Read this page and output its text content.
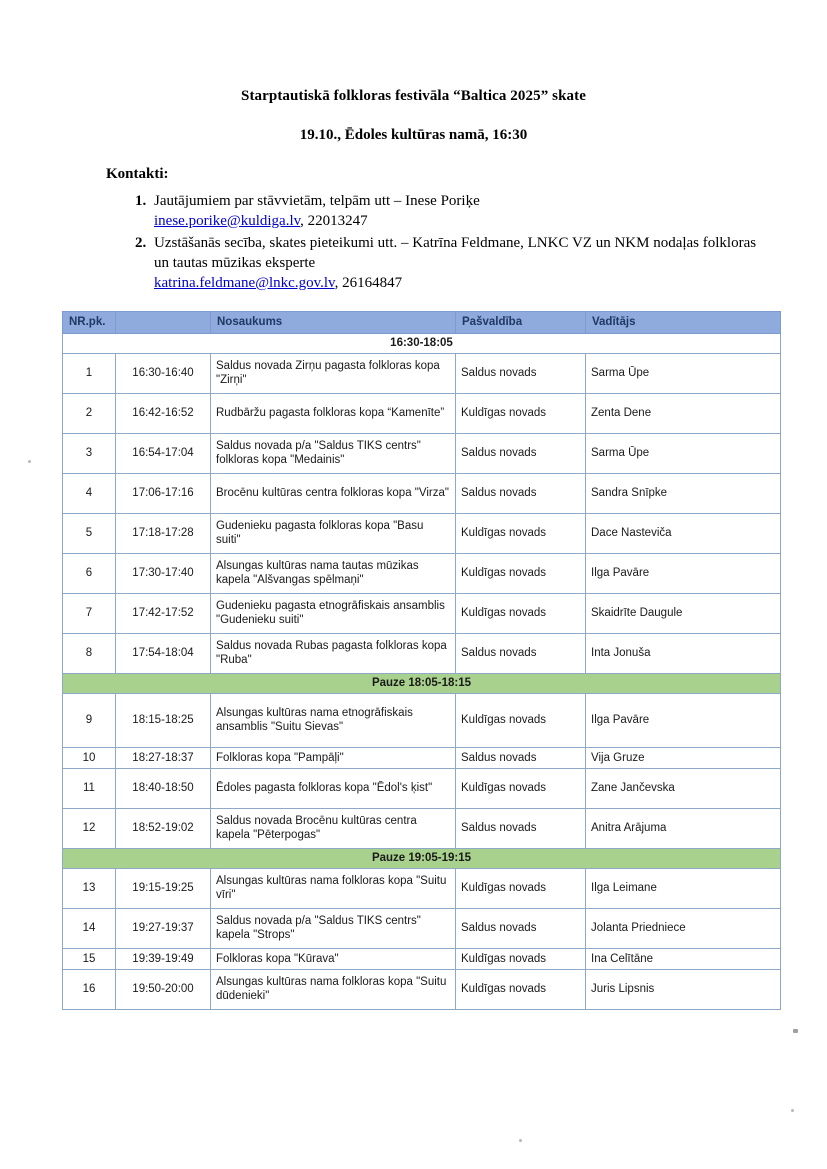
Starptautiskā folkloras festivāla “Baltica 2025” skate
19.10., Ēdoles kultūras namā, 16:30
Kontakti:
1. Jautājumiem par stāvvietām, telpām utt – Inese Poriķe
inese.porike@kuldiga.lv, 22013247
2. Uzstāšanās secība, skates pieteikumi utt. – Katrīna Feldmane, LNKC VZ un NKM nodaļas folkloras un tautas mūzikas eksperte
katrina.feldmane@lnkc.gov.lv, 26164847
NR.pk.		Nosaukums	Pašvaldība	Vadītājs
16:30-18:05				
1	16:30-16:40	Saldus novada Zirņu pagasta folkloras kopa "Zirņi"	Saldus novads	Sarma Ūpe
2	16:42-16:52	Rudbāržu pagasta folkloras kopa “Kamenīte”	Kuldīgas novads	Zenta Dene
3	16:54-17:04	Saldus novada p/a "Saldus TIKS centrs" folkloras kopa "Medainis"	Saldus novads	Sarma Ūpe
4	17:06-17:16	Brocēnu kultūras centra folkloras kopa "Virza"	Saldus novads	Sandra Snīpke
5	17:18-17:28	Gudenieku pagasta folkloras kopa "Basu suiti"	Kuldīgas novads	Dace Nasteviča
6	17:30-17:40	Alsungas kultūras nama tautas mūzikas kapela "Alšvangas spēlmaņi"	Kuldīgas novads	Ilga Pavāre
7	17:42-17:52	Gudenieku pagasta etnogrāfiskais ansamblis "Gudenieku suiti"	Kuldīgas novads	Skaidrīte Daugule
8	17:54-18:04	Saldus novada Rubas pagasta folkloras kopa "Ruba"	Saldus novads	Inta Jonuša
Pauze 18:05-18:15				
9	18:15-18:25	Alsungas kultūras nama etnogrāfiskais ansamblis "Suitu Sievas"	Kuldīgas novads	Ilga Pavāre
10	18:27-18:37	Folkloras kopa "Pampāļi"	Saldus novads	Vija Gruze
11	18:40-18:50	Ēdoles pagasta folkloras kopa "Ēdol's ķist"	Kuldīgas novads	Zane Jančevska
12	18:52-19:02	Saldus novada Brocēnu kultūras centra kapela "Pēterpogas"	Saldus novads	Anitra Arājuma
Pauze 19:05-19:15				
13	19:15-19:25	Alsungas kultūras nama folkloras kopa "Suitu vīri"	Kuldīgas novads	Ilga Leimane
14	19:27-19:37	Saldus novada p/a "Saldus TIKS centrs" kapela "Strops"	Saldus novads	Jolanta Priedniece
15	19:39-19:49	Folkloras kopa "Kūrava"	Kuldīgas novads	Ina Celītāne
16	19:50-20:00	Alsungas kultūras nama folkloras kopa "Suitu dūdenieki"	Kuldīgas novads	Juris Lipsnis
